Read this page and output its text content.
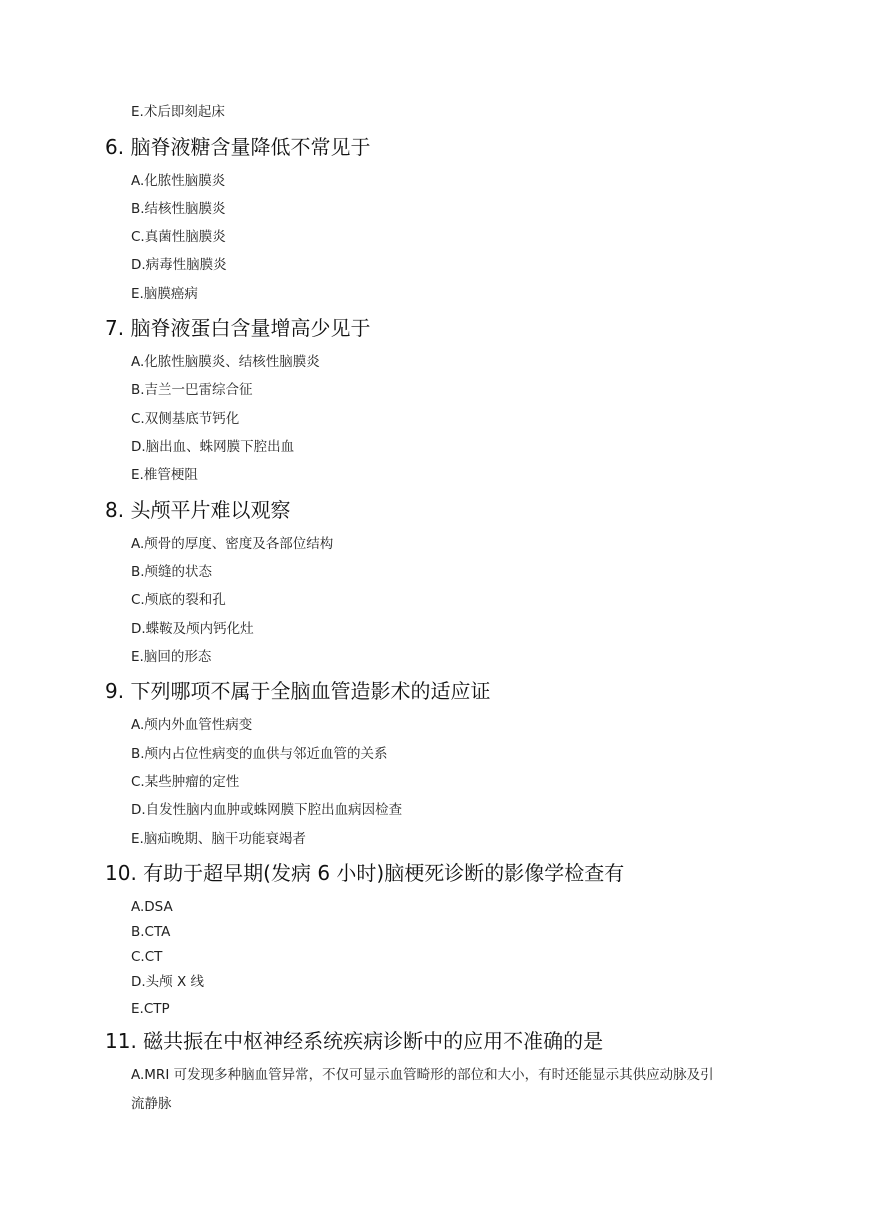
E.术后即刻起床
6. 脑脊液糖含量降低不常见于
A.化脓性脑膜炎
B.结核性脑膜炎
C.真菌性脑膜炎
D.病毒性脑膜炎
E.脑膜癌病
7. 脑脊液蛋白含量增高少见于
A.化脓性脑膜炎、结核性脑膜炎
B.吉兰一巴雷综合征
C.双侧基底节钙化
D.脑出血、蛛网膜下腔出血
E.椎管梗阻
8. 头颅平片难以观察
A.颅骨的厚度、密度及各部位结构
B.颅缝的状态
C.颅底的裂和孔
D.蝶鞍及颅内钙化灶
E.脑回的形态
9. 下列哪项不属于全脑血管造影术的适应证
A.颅内外血管性病变
B.颅内占位性病变的血供与邻近血管的关系
C.某些肿瘤的定性
D.自发性脑内血肿或蛛网膜下腔出血病因检查
E.脑疝晚期、脑干功能衰竭者
10. 有助于超早期(发病 6 小时)脑梗死诊断的影像学检查有
A.DSA
B.CTA
C.CT
D.头颅 X 线
E.CTP
11. 磁共振在中枢神经系统疾病诊断中的应用不准确的是
A.MRI 可发现多种脑血管异常，不仅可显示血管畸形的部位和大小，有时还能显示其供应动脉及引
流静脉
